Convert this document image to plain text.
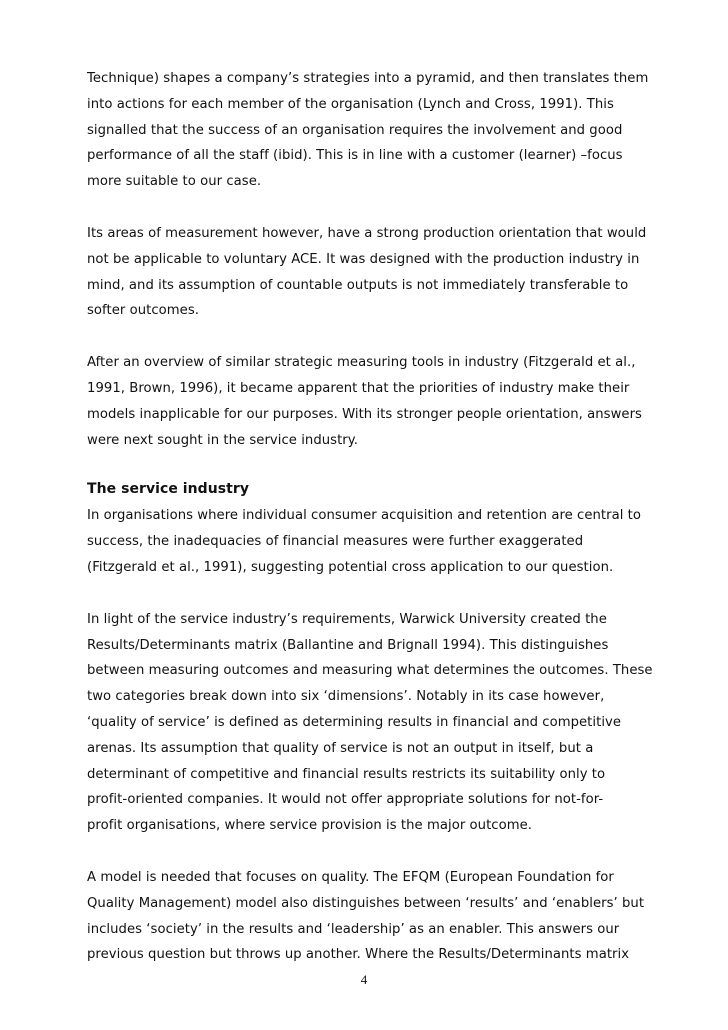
Technique) shapes a company’s strategies into a pyramid, and then translates them
into actions for each member of the organisation (Lynch and Cross, 1991). This
signalled that the success of an organisation requires the involvement and good
performance of all the staff (ibid). This is in line with a customer (learner) –focus
more suitable to our case.

Its areas of measurement however, have a strong production orientation that would
not be applicable to voluntary ACE. It was designed with the production industry in
mind, and its assumption of countable outputs is not immediately transferable to
softer outcomes.

After an overview of similar strategic measuring tools in industry (Fitzgerald et al.,
1991, Brown, 1996), it became apparent that the priorities of industry make their
models inapplicable for our purposes. With its stronger people orientation, answers
were next sought in the service industry.

The service industry

In organisations where individual consumer acquisition and retention are central to
success, the inadequacies of financial measures were further exaggerated
(Fitzgerald et al., 1991), suggesting potential cross application to our question.

In light of the service industry’s requirements, Warwick University created the
Results/Determinants matrix (Ballantine and Brignall 1994). This distinguishes
between measuring outcomes and measuring what determines the outcomes. These
two categories break down into six ‘dimensions’. Notably in its case however,
‘quality of service’ is defined as determining results in financial and competitive
arenas. Its assumption that quality of service is not an output in itself, but a
determinant of competitive and financial results restricts its suitability only to
profit-oriented companies. It would not offer appropriate solutions for not-for-
profit organisations, where service provision is the major outcome.

A model is needed that focuses on quality. The EFQM (European Foundation for
Quality Management) model also distinguishes between ‘results’ and ‘enablers’ but
includes ‘society’ in the results and ‘leadership’ as an enabler. This answers our
previous question but throws up another. Where the Results/Determinants matrix

4
